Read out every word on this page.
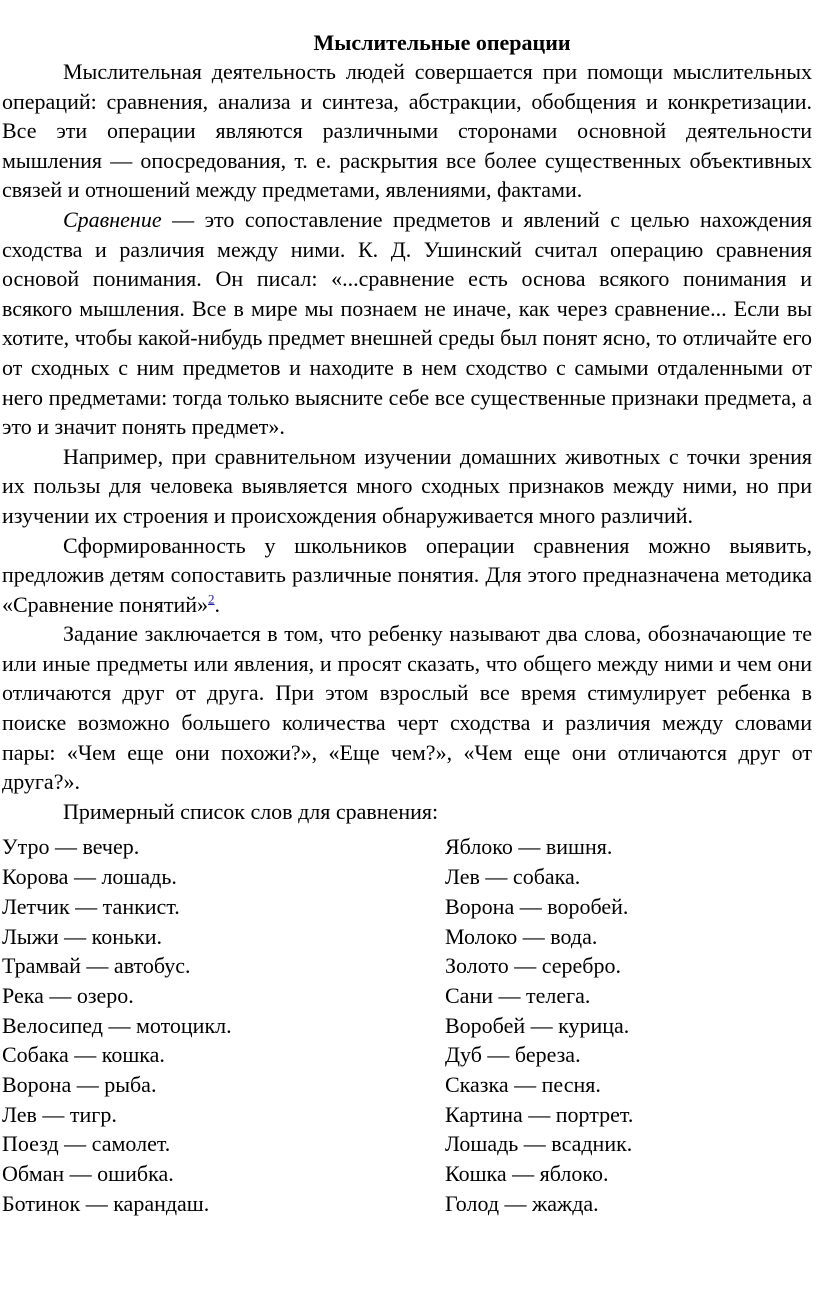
Мыслительные операции

Мыслительная деятельность людей совершается при помощи мыслительных операций: сравнения, анализа и синтеза, абстракции, обобщения и конкретизации. Все эти операции являются различными сторонами основной деятельности мышления — опосредования, т. е. раскрытия все более существенных объективных связей и отношений между предметами, явлениями, фактами.

Сравнение — это сопоставление предметов и явлений с целью нахождения сходства и различия между ними. К. Д. Ушинский считал операцию сравнения основой понимания. Он писал: «...сравнение есть основа всякого понимания и всякого мышления. Все в мире мы познаем не иначе, как через сравнение... Если вы хотите, чтобы какой-нибудь предмет внешней среды был понят ясно, то отличайте его от сходных с ним предметов и находите в нем сходство с самыми отдаленными от него предметами: тогда только выясните себе все существенные признаки предмета, а это и значит понять предмет».

Например, при сравнительном изучении домашних животных с точки зрения их пользы для человека выявляется много сходных признаков между ними, но при изучении их строения и происхождения обнаруживается много различий.

Сформированность у школьников операции сравнения можно выявить, предложив детям сопоставить различные понятия. Для этого предназначена методика «Сравнение понятий»$^2$.

Задание заключается в том, что ребенку называют два слова, обозначающие те или иные предметы или явления, и просят сказать, что общего между ними и чем они отличаются друг от друга. При этом взрослый все время стимулирует ребенка в поиске возможно большего количества черт сходства и различия между словами пары: «Чем еще они похожи?», «Еще чем?», «Чем еще они отличаются друг от друга?».

Примерный список слов для сравнения:

Утро — вечер.
Корова — лошадь.
Летчик — танкист.
Лыжи — коньки.
Трамвай — автобус.
Река — озеро.
Велосипед — мотоцикл.
Собака — кошка.
Ворона — рыба.
Лев — тигр.
Поезд — самолет.
Обман — ошибка.
Ботинок — карандаш.
Яблоко — вишня.
Лев — собака.
Ворона — воробей.
Молоко — вода.
Золото — серебро.
Сани — телега.
Воробей — курица.
Дуб — береза.
Сказка — песня.
Картина — портрет.
Лошадь — всадник.
Кошка — яблоко.
Голод — жажда.
